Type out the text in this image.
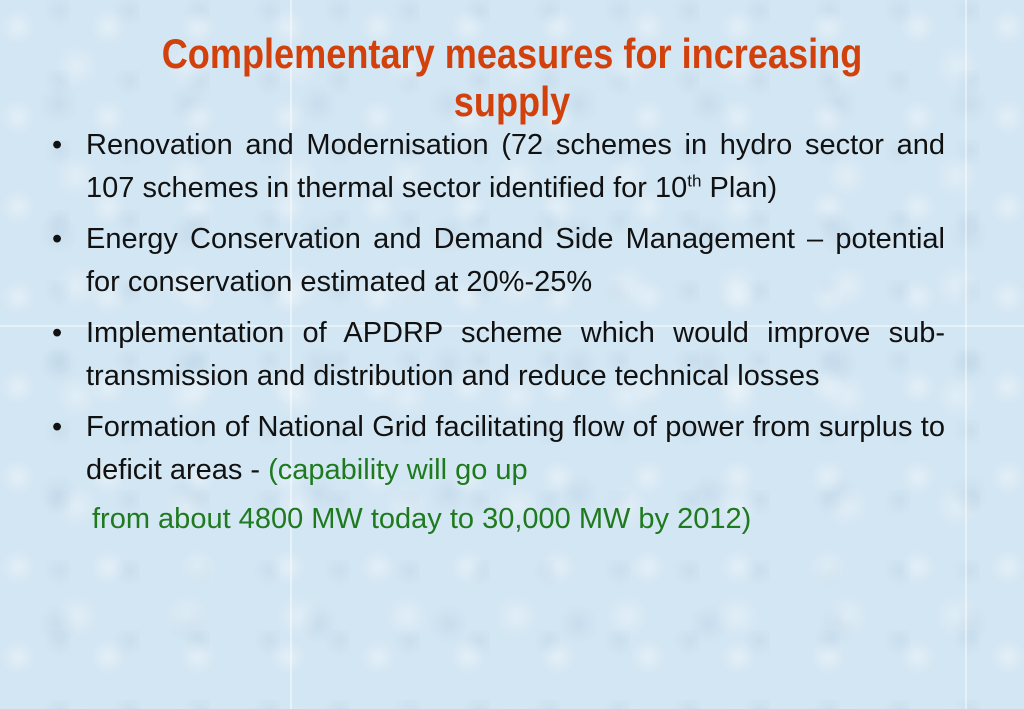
Complementary measures for increasing supply
• Renovation and Modernisation (72 schemes in hydro sector and 107 schemes in thermal sector identified for 10th Plan)
• Energy Conservation and Demand Side Management – potential for conservation estimated at 20%-25%
• Implementation of APDRP scheme which would improve sub-transmission and distribution and reduce technical losses
• Formation of National Grid facilitating flow of power from surplus to deficit areas - (capability will go up
from about 4800 MW today to 30,000 MW by 2012)
